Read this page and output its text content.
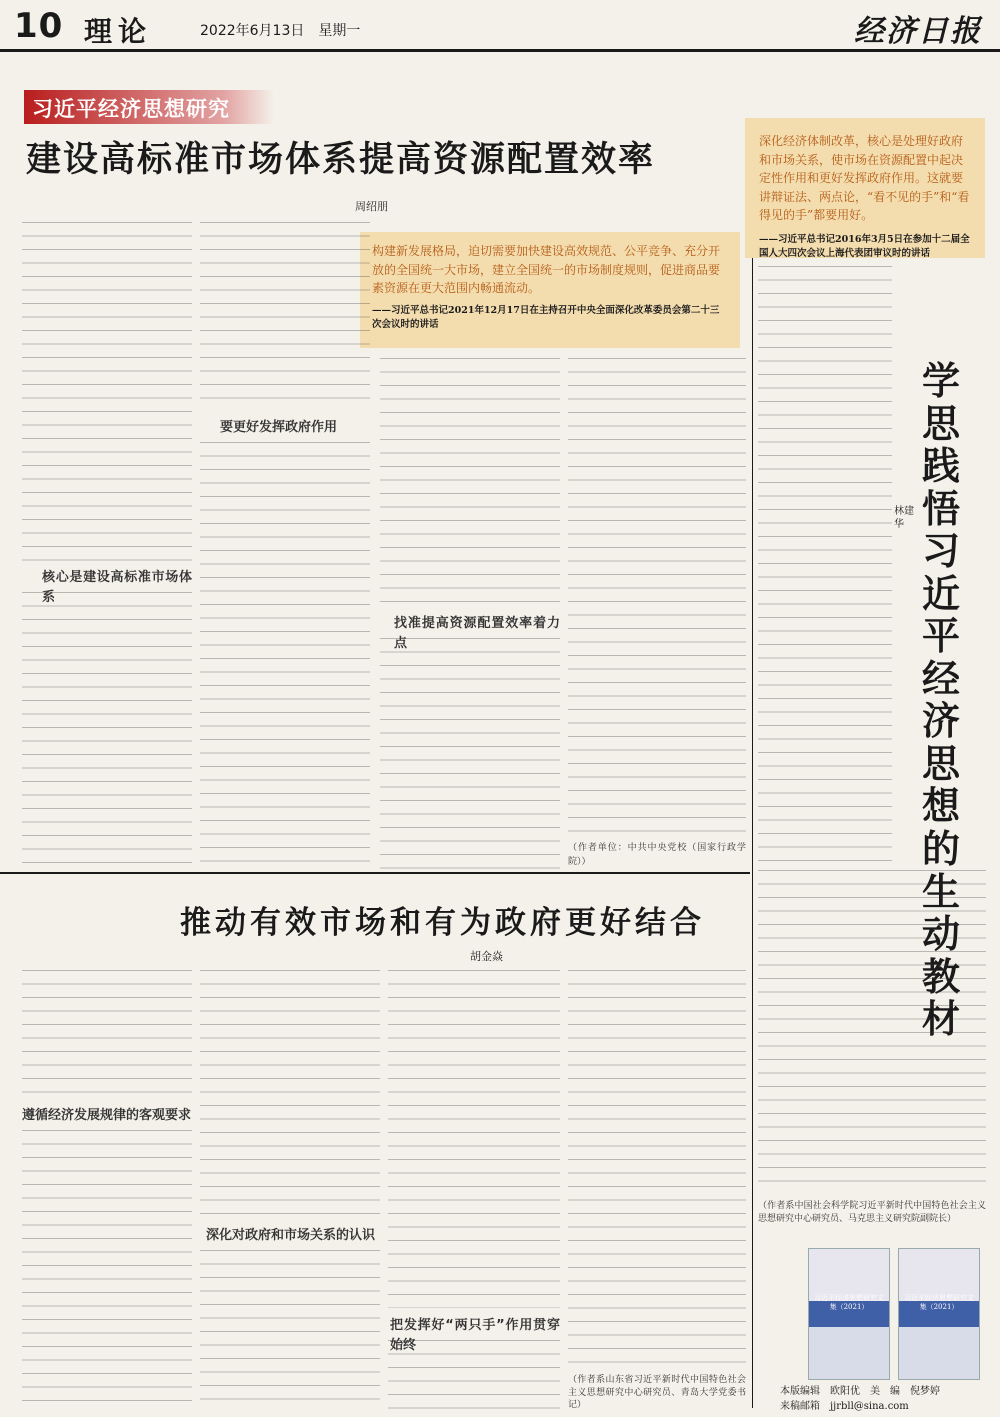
10 理论	2022年6月13日　星期一	经济日报
习近平经济思想研究
建设高标准市场体系提高资源配置效率
周绍朋
深化经济体制改革，核心是处理好政府和市场关系，使市场在资源配置中起决定性作用和更好发挥政府作用。这就要讲辩证法、两点论，“看不见的手”和“看得见的手”都要用好。
——习近平总书记2016年3月5日在参加十二届全国人大四次会议上海代表团审议时的讲话
构建新发展格局，迫切需要加快建设高效规范、公平竞争、充分开放的全国统一大市场，建立全国统一的市场制度规则，促进商品要素资源在更大范围内畅通流动。
——习近平总书记2021年12月17日在主持召开中央全面深化改革委员会第二十三次会议时的讲话
核心是建设高标准市场体系
要更好发挥政府作用
找准提高资源配置效率着力点
（作者单位：中共中央党校（国家行政学院））
学思践悟习近平经济思想的生动教材
林建华
（作者系中国社会科学院习近平新时代中国特色社会主义思想研究中心研究员、马克思主义研究院副院长）
推动有效市场和有为政府更好结合
胡金焱
遵循经济发展规律的客观要求
深化对政府和市场关系的认识
把发挥好“两只手”作用贯穿始终
（作者系山东省习近平新时代中国特色社会主义思想研究中心研究员、青岛大学党委书记）
习近平经济思想研究文集（2021）
习近平经济思想研究文集（2021）
本版编辑　欧阳优　美　编　倪梦婷
来稿邮箱　jjrbll@sina.com
